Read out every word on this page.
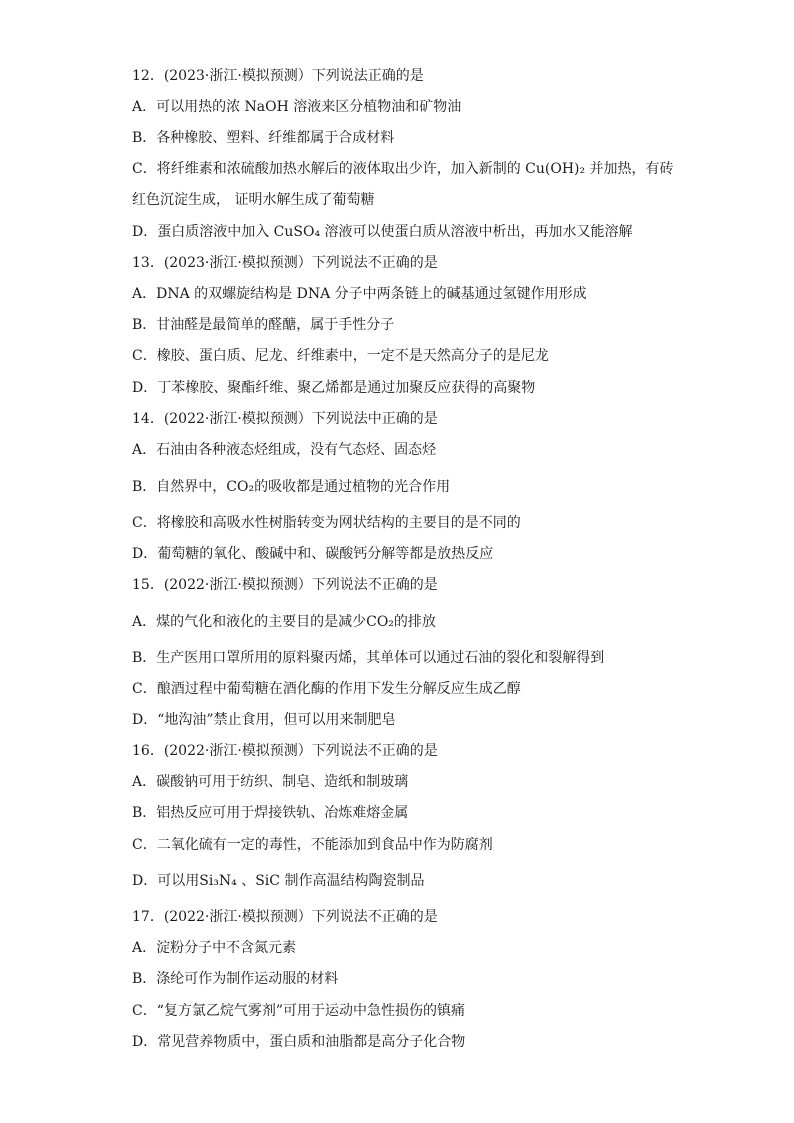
12．(2023·浙江·模拟预测）下列说法正确的是
A．可以用热的浓 NaOH 溶液来区分植物油和矿物油
B．各种橡胶、塑料、纤维都属于合成材料
C．将纤维素和浓硫酸加热水解后的液体取出少许，加入新制的 Cu(OH)₂ 并加热，有砖
红色沉淀生成， 证明水解生成了葡萄糖
D．蛋白质溶液中加入 CuSO₄ 溶液可以使蛋白质从溶液中析出，再加水又能溶解
13．(2023·浙江·模拟预测）下列说法不正确的是
A．DNA 的双螺旋结构是 DNA 分子中两条链上的碱基通过氢键作用形成
B．甘油醛是最简单的醛醣，属于手性分子
C．橡胶、蛋白质、尼龙、纤维素中，一定不是天然高分子的是尼龙
D．丁苯橡胶、聚酯纤维、聚乙烯都是通过加聚反应获得的高聚物
14．(2022·浙江·模拟预测）下列说法中正确的是
A．石油由各种液态烃组成，没有气态烃、固态烃
B．自然界中，CO₂的吸收都是通过植物的光合作用
C．将橡胶和高吸水性树脂转变为网状结构的主要目的是不同的
D．葡萄糖的氧化、酸碱中和、碳酸钙分解等都是放热反应
15．(2022·浙江·模拟预测）下列说法不正确的是
A．煤的气化和液化的主要目的是减少CO₂的排放
B．生产医用口罩所用的原料聚丙烯，其单体可以通过石油的裂化和裂解得到
C．酿酒过程中葡萄糖在酒化酶的作用下发生分解反应生成乙醇
D．“地沟油”禁止食用，但可以用来制肥皂
16．(2022·浙江·模拟预测）下列说法不正确的是
A．碳酸钠可用于纺织、制皂、造纸和制玻璃
B．铝热反应可用于焊接铁轨、冶炼难熔金属
C．二氧化硫有一定的毒性，不能添加到食品中作为防腐剂
D．可以用Si₃N₄ 、SiC 制作高温结构陶瓷制品
17．(2022·浙江·模拟预测）下列说法不正确的是
A．淀粉分子中不含氮元素
B．涤纶可作为制作运动服的材料
C．“复方氯乙烷气雾剂”可用于运动中急性损伤的镇痛
D．常见营养物质中，蛋白质和油脂都是高分子化合物
